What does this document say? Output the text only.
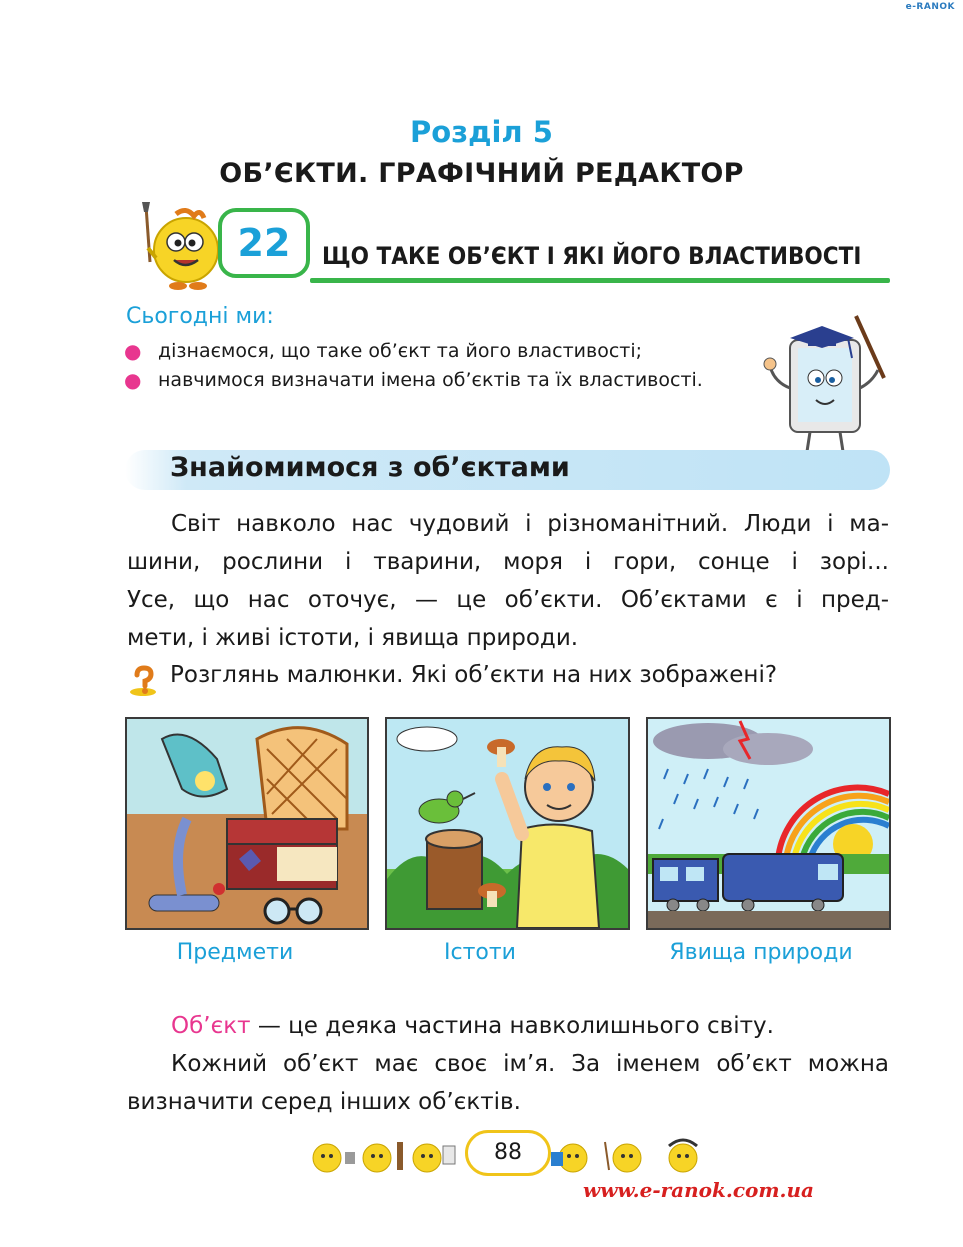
e-RANOK
Розділ 5
ОБ’ЄКТИ. ГРАФІЧНИЙ РЕДАКТОР
22	ЩО ТАКЕ ОБ’ЄКТ І ЯКІ ЙОГО ВЛАСТИВОСТІ
Сьогодні ми:
● дізнаємося, що таке об’єкт та його властивості;
● навчимося визначати імена об’єктів та їх властивості.
Знайомимося з об’єктами
Світ навколо нас чудовий і різноманітний. Люди і ма-
шини, рослини і тварини, моря і гори, сонце і зорі...
Усе, що нас оточує, — це об’єкти. Об’єктами є і пред-
мети, і живі істоти, і явища природи.
Розглянь малюнки. Які об’єкти на них зображені?
Предмети	Істоти	Явища природи

Об’єкт — це деяка частина навколишнього світу.

Кожний об’єкт має своє ім’я. За іменем об’єкт можна визначити серед інших об’єктів.

88
www.e-ranok.com.ua
